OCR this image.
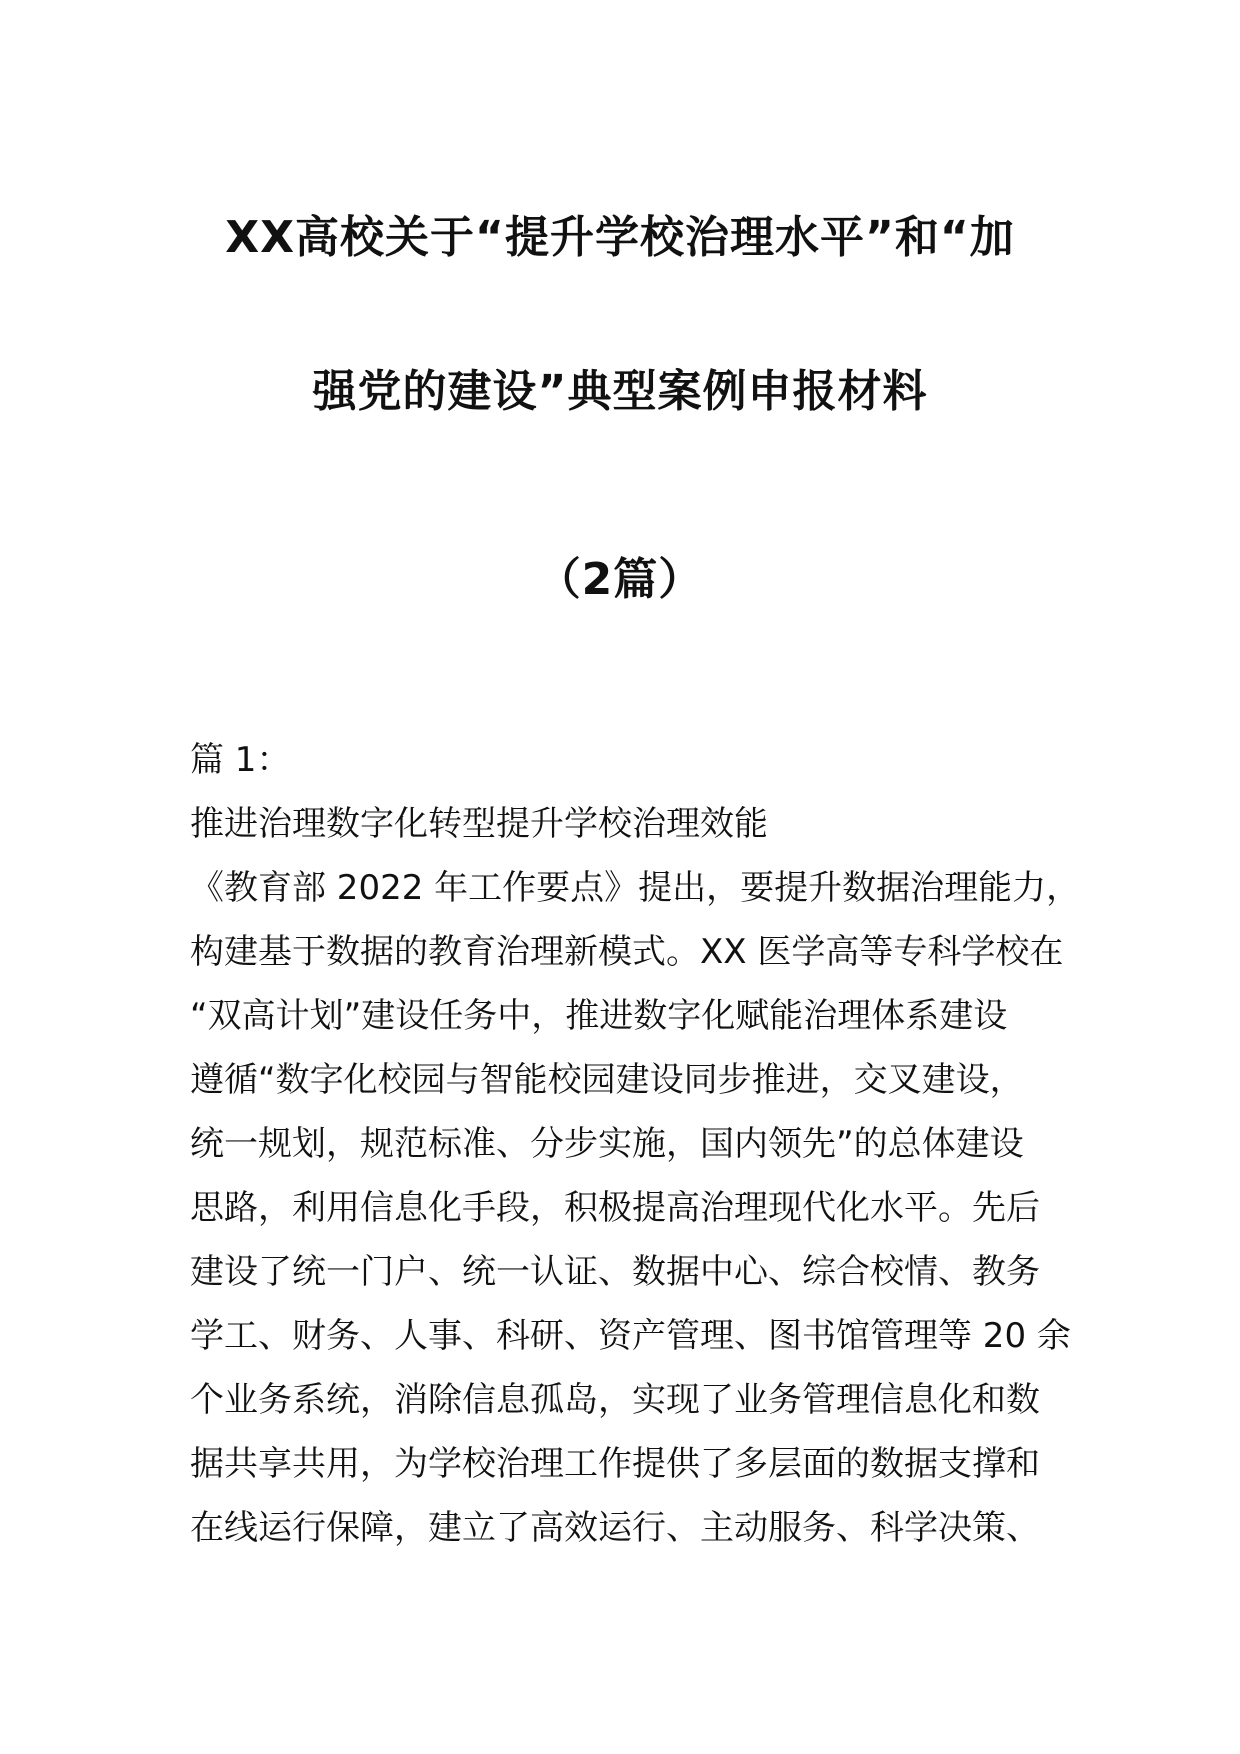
XX高校关于“提升学校治理水平”和“加
强党的建设”典型案例申报材料
（2篇）
篇 1：
推进治理数字化转型提升学校治理效能
《教育部 2022 年工作要点》提出，要提升数据治理能力，
构建基于数据的教育治理新模式。XX 医学高等专科学校在
“双高计划”建设任务中，推进数字化赋能治理体系建设
遵循“数字化校园与智能校园建设同步推进，交叉建设，
统一规划，规范标准、分步实施，国内领先”的总体建设
思路，利用信息化手段，积极提高治理现代化水平。先后
建设了统一门户、统一认证、数据中心、综合校情、教务
学工、财务、人事、科研、资产管理、图书馆管理等 20 余
个业务系统，消除信息孤岛，实现了业务管理信息化和数
据共享共用，为学校治理工作提供了多层面的数据支撑和
在线运行保障，建立了高效运行、主动服务、科学决策、
